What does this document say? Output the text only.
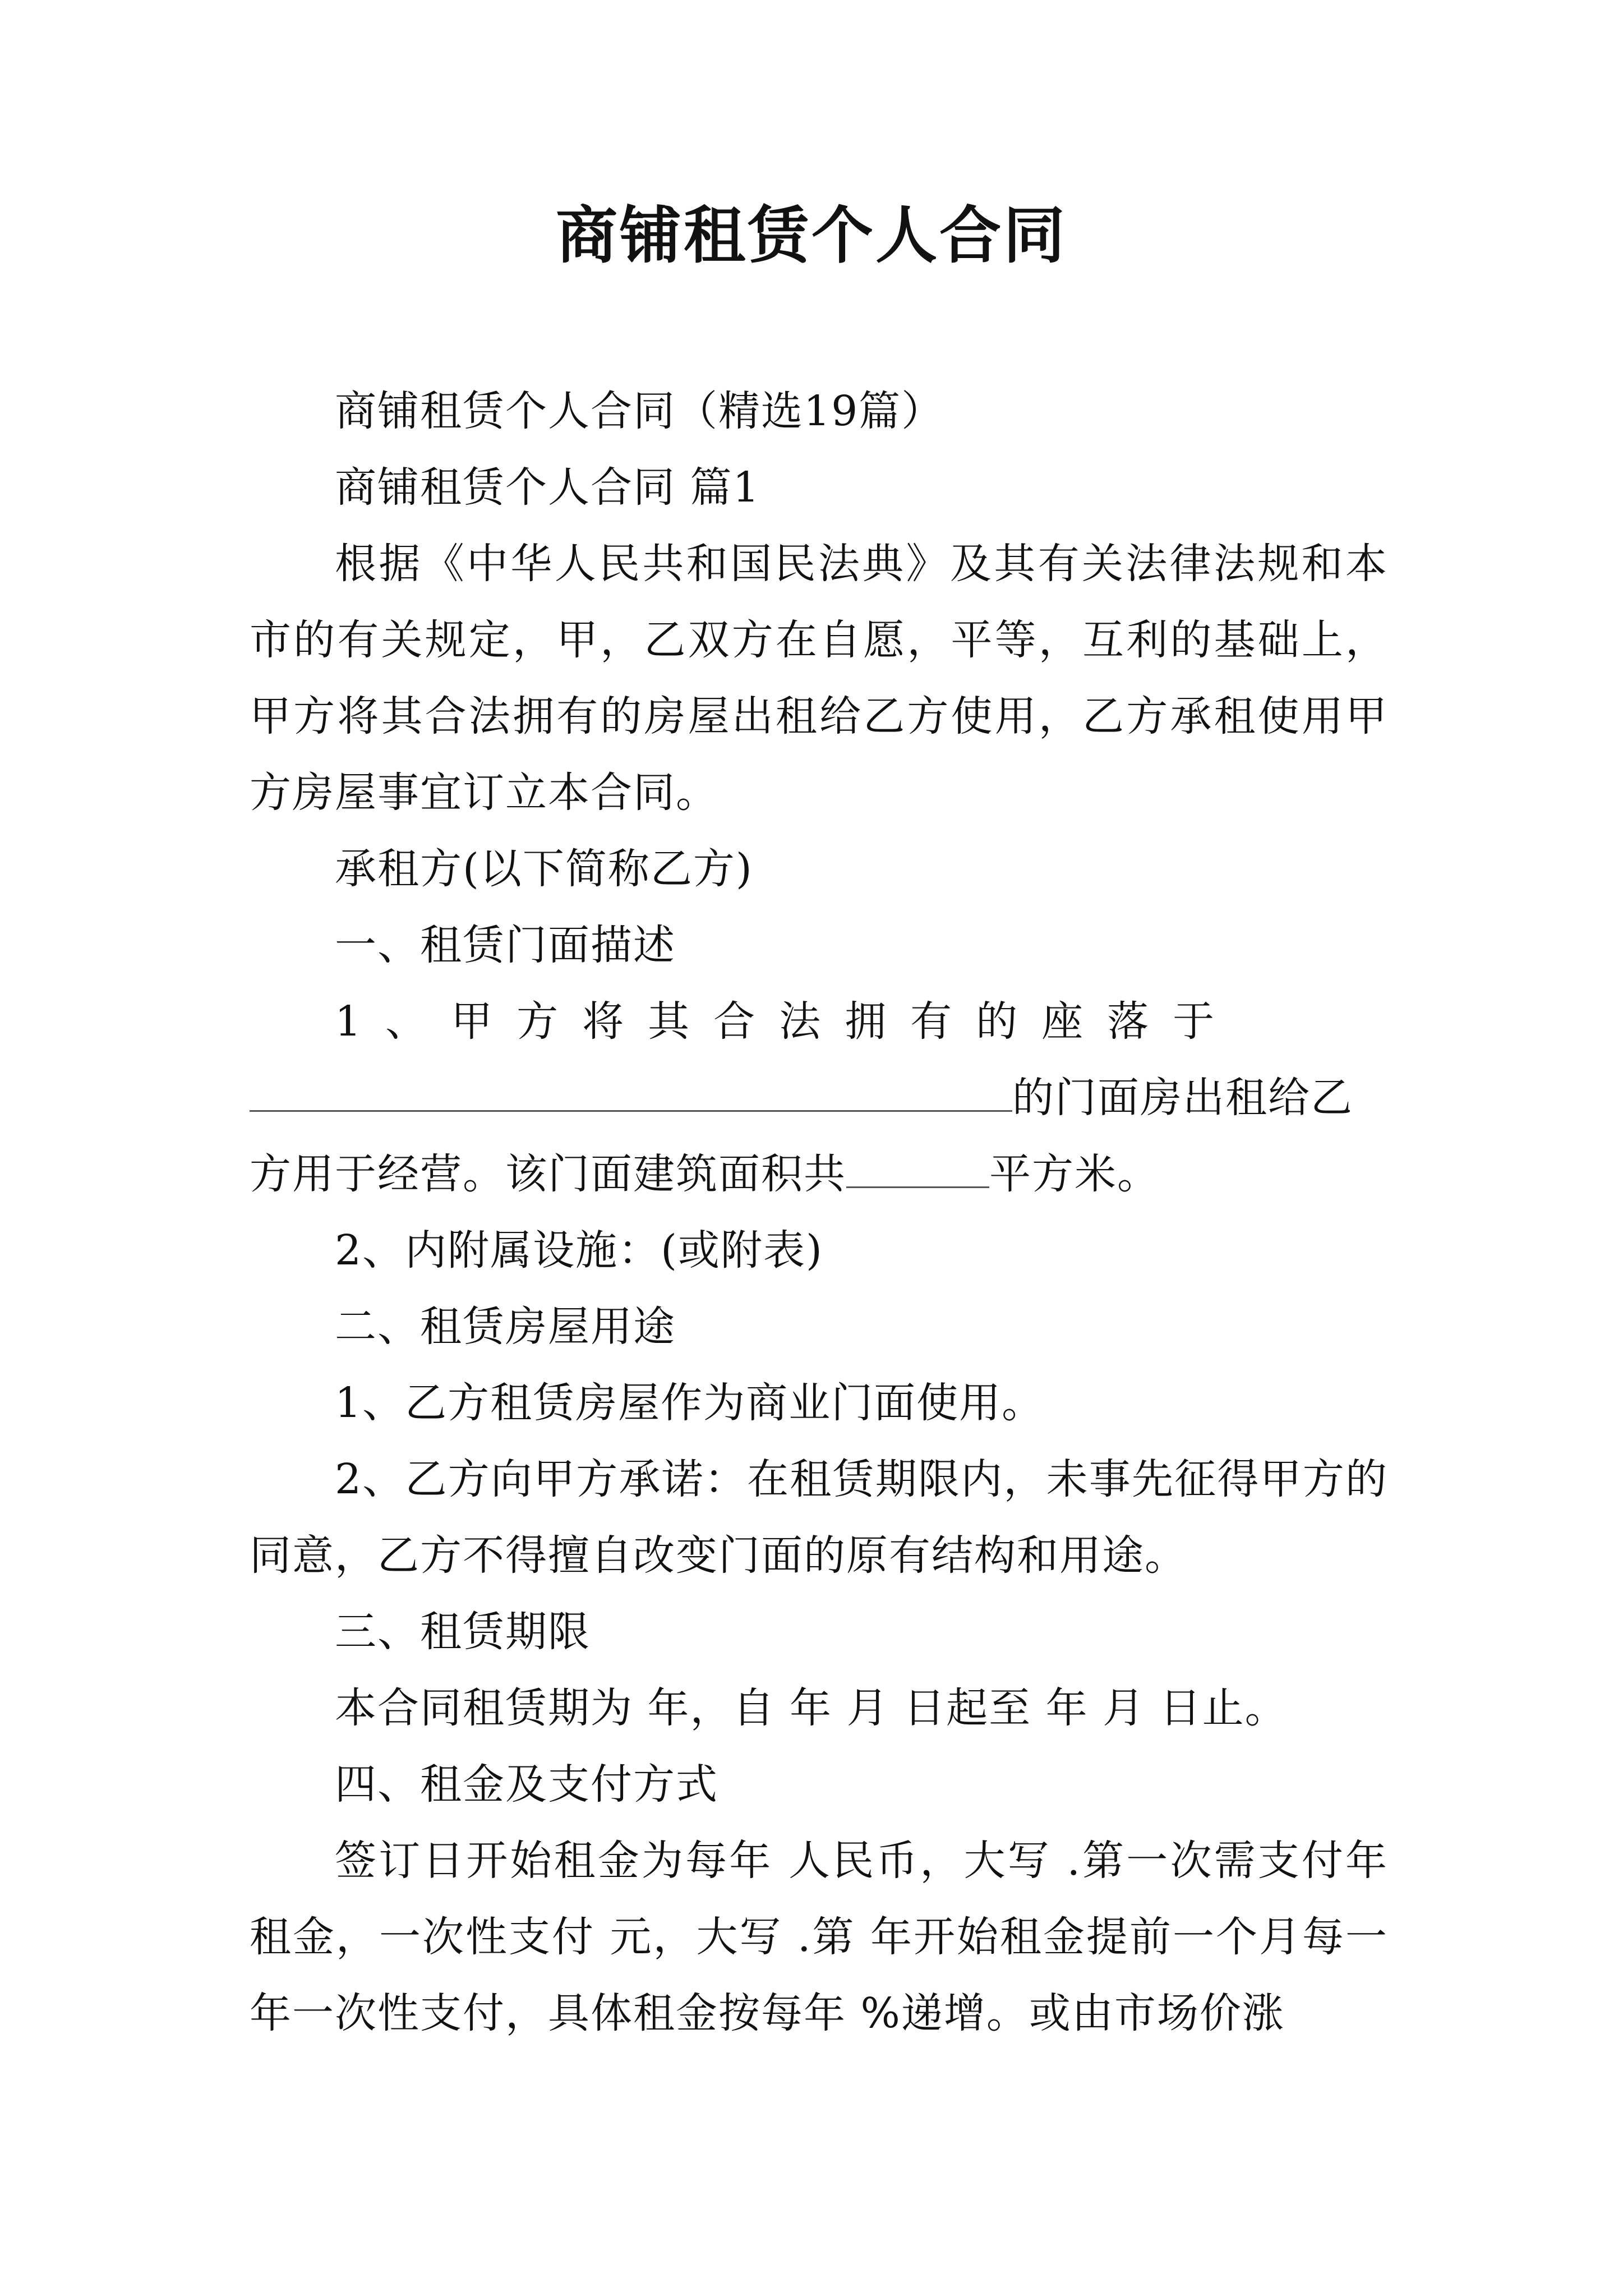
商铺租赁个人合同

商铺租赁个人合同（精选19篇）

商铺租赁个人合同 篇1

根据《中华人民共和国民法典》及其有关法律法规和本市的有关规定，甲，乙双方在自愿，平等，互利的基础上，甲方将其合法拥有的房屋出租给乙方使用，乙方承租使用甲方房屋事宜订立本合同。

承租方(以下简称乙方)

一、租赁门面描述

1、甲方将其合法拥有的座落于

的门面房出租给乙

方用于经营。该门面建筑面积共	平方米。

2、内附属设施：(或附表)

二、租赁房屋用途

1、乙方租赁房屋作为商业门面使用。

2、乙方向甲方承诺：在租赁期限内，未事先征得甲方的同意，乙方不得擅自改变门面的原有结构和用途。

三、租赁期限

本合同租赁期为 年，自 年 月 日起至 年 月 日止。

四、租金及支付方式

签订日开始租金为每年 人民币，大写 .第一次需支付年租金，一次性支付 元，大写 .第 年开始租金提前一个月每一年一次性支付，具体租金按每年 %递增。或由市场价涨
